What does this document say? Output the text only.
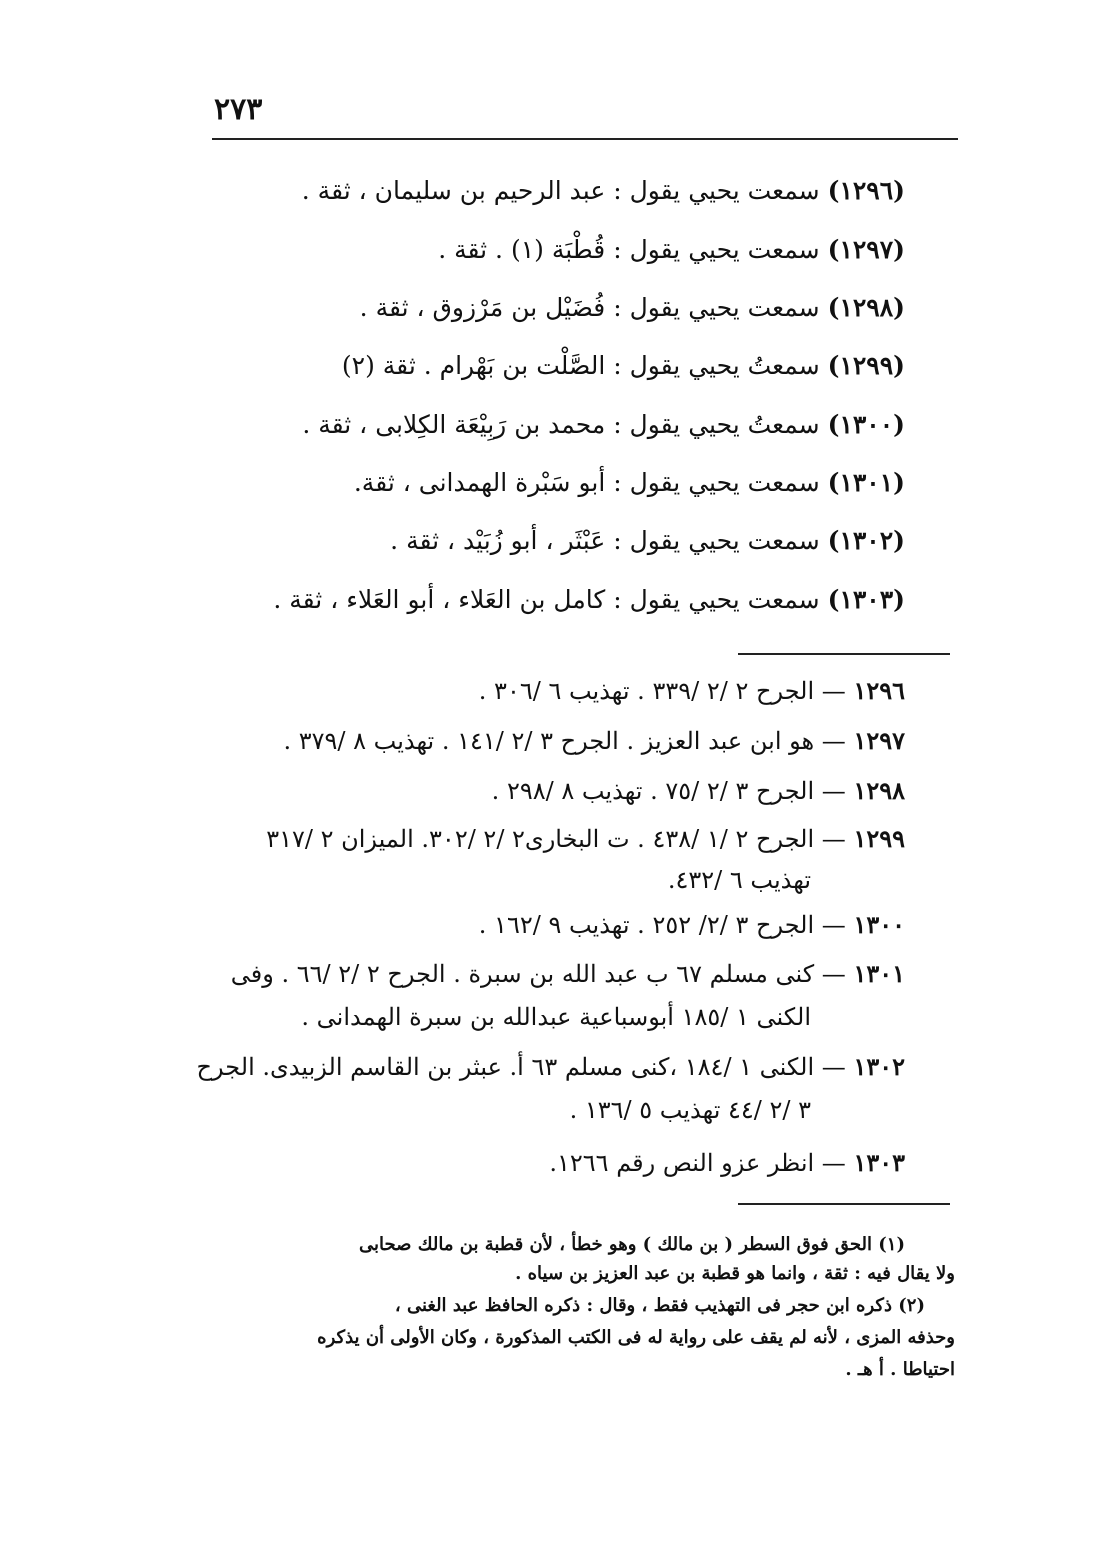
٢٧٣
(١٢٩٦) سمعت يحيي يقول : عبد الرحيم بن سليمان ، ثقة .
(١٢٩٧) سمعت يحيي يقول : قُطْبَة (١) . ثقة .
(١٢٩٨) سمعت يحيي يقول : فُضَيْل بن مَرْزوق ، ثقة .
(١٢٩٩) سمعتُ يحيي يقول : الصَّلْت بن بَهْرام . ثقة (٢)
(١٣٠٠) سمعتُ يحيي يقول : محمد بن رَبِيْعَة الكِلابى ، ثقة .
(١٣٠١) سمعت يحيي يقول : أبو سَبْرة الهمدانى ، ثقة.
(١٣٠٢) سمعت يحيي يقول : عَبْثَر ، أبو زُبَيْد ، ثقة .
(١٣٠٣) سمعت يحيي يقول : كامل بن العَلاء ، أبو العَلاء ، ثقة .
١٢٩٦ — الجرح ٢ /٢ /٣٣٩ . تهذيب ٦ /٣٠٦ .
١٢٩٧ — هو ابن عبد العزيز . الجرح ٣ /٢ /١٤١ . تهذيب ٨ /٣٧٩ .
١٢٩٨ — الجرح ٣ /٢ /٧٥ . تهذيب ٨ /٢٩٨ .
١٢٩٩ — الجرح ٢ /١ /٤٣٨ . ت البخارى٢ /٢ /٣٠٢. الميزان ٢ /٣١٧
تهذيب ٦ /٤٣٢.
١٣٠٠ — الجرح ٣ /٢/ ٢٥٢ . تهذيب ٩ /١٦٢ .
١٣٠١ — كنى مسلم ٦٧ ب عبد الله بن سبرة . الجرح ٢ /٢ /٦٦ . وفى
الكنى ١ /١٨٥ أبوسباعية عبدالله بن سبرة الهمدانى .
١٣٠٢ — الكنى ١ /١٨٤ ،كنى مسلم ٦٣ أ. عبثر بن القاسم الزبيدى. الجرح
٣ /٢ /٤٤ تهذيب ٥ /١٣٦ .
١٣٠٣ — انظر عزو النص رقم ١٢٦٦.
(١) الحق فوق السطر ( بن مالك ) وهو خطأ ، لأن قطبة بن مالك صحابى
ولا يقال فيه : ثقة ، وانما هو قطبة بن عبد العزيز بن سياه .
(٢) ذكره ابن حجر فى التهذيب فقط ، وقال : ذكره الحافظ عبد الغنى ،
وحذفه المزى ، لأنه لم يقف على رواية له فى الكتب المذكورة ، وكان الأولى أن يذكره
احتياطا . أ هـ .
